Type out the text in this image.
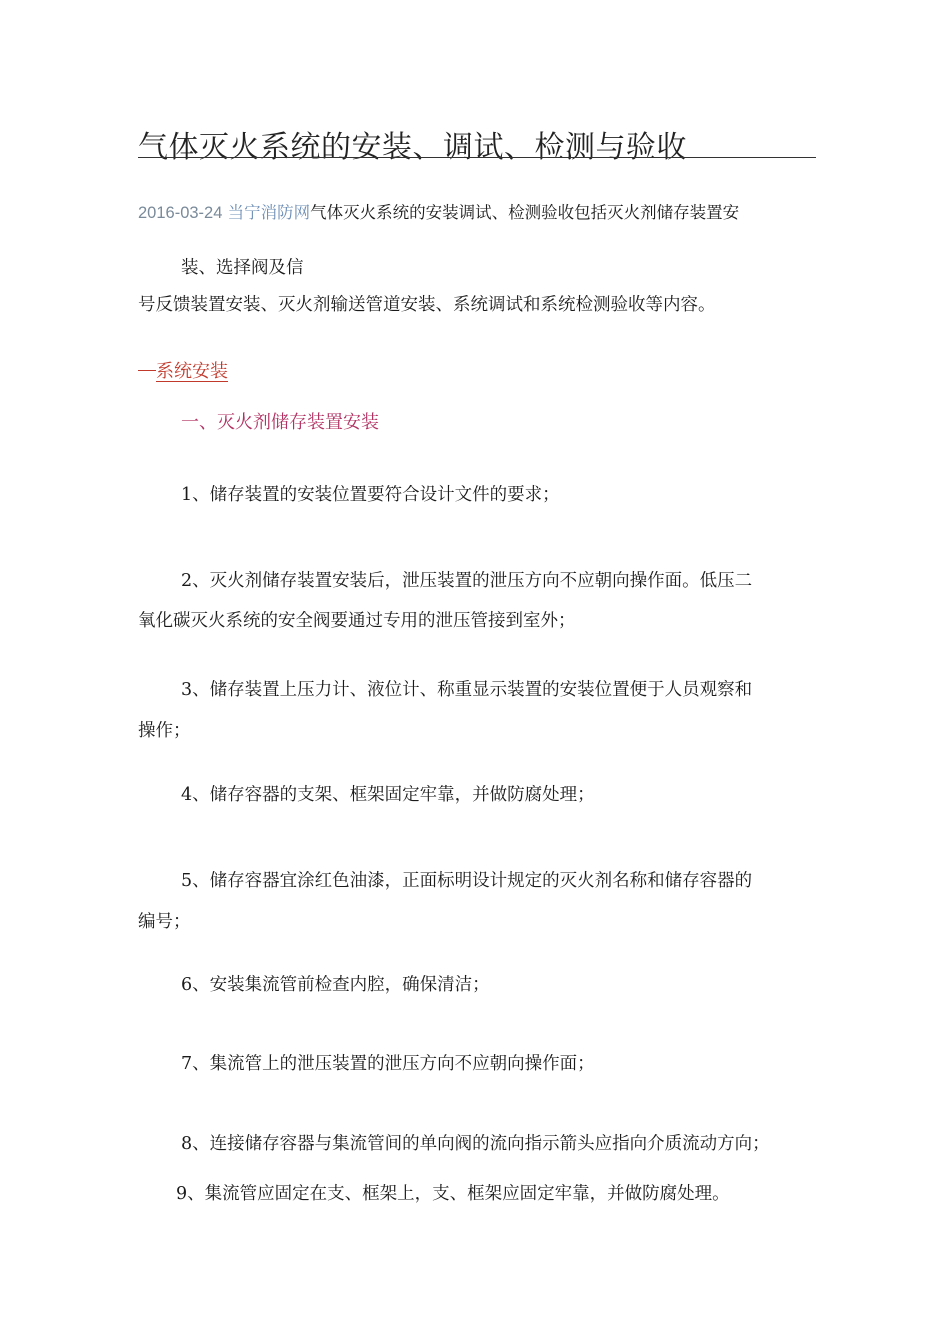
气体灭火系统的安装、调试、检测与验收
2016-03-24 当宁消防网气体灭火系统的安装调试、检测验收包括灭火剂储存装置安
装、选择阀及信
号反馈装置安装、灭火剂输送管道安装、系统调试和系统检测验收等内容。
系统安装
一、灭火剂储存装置安装
1、储存装置的安装位置要符合设计文件的要求；
2、灭火剂储存装置安装后，泄压装置的泄压方向不应朝向操作面。低压二
氧化碳灭火系统的安全阀要通过专用的泄压管接到室外；
3、储存装置上压力计、液位计、称重显示装置的安装位置便于人员观察和
操作；
4、储存容器的支架、框架固定牢靠，并做防腐处理；
5、储存容器宜涂红色油漆，正面标明设计规定的灭火剂名称和储存容器的
编号；
6、安装集流管前检查内腔，确保清洁；
7、集流管上的泄压装置的泄压方向不应朝向操作面；
8、连接储存容器与集流管间的单向阀的流向指示箭头应指向介质流动方向；
9、集流管应固定在支、框架上，支、框架应固定牢靠，并做防腐处理。
